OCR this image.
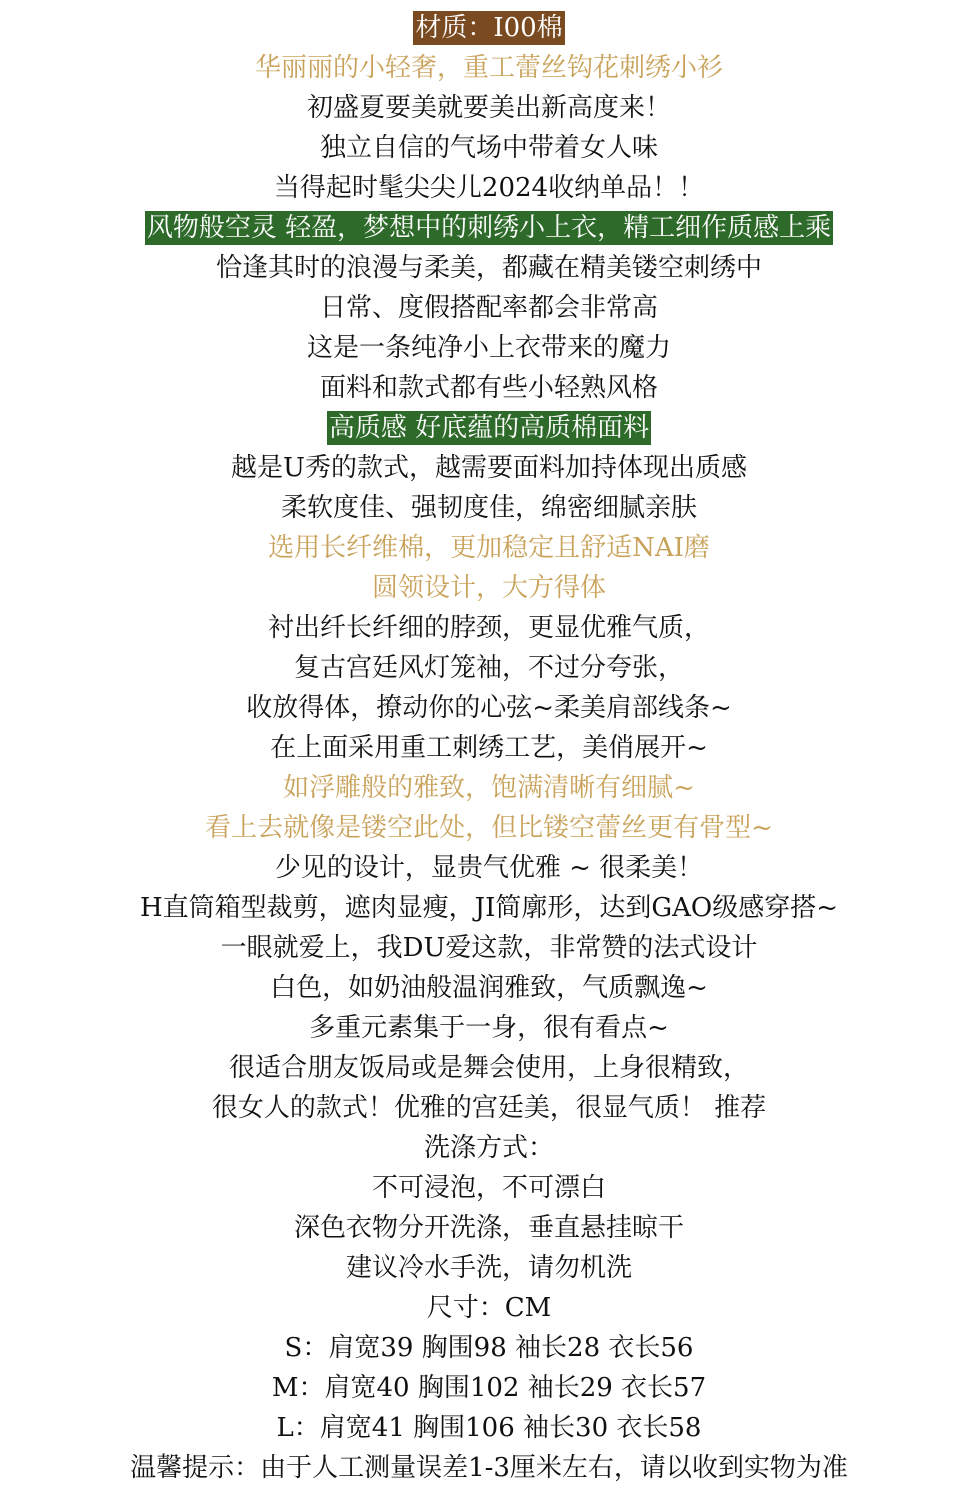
材质：I00棉
华丽丽的小轻奢，重工蕾丝钩花刺绣小衫
初盛夏要美就要美出新高度来！
独立自信的气场中带着女人味
当得起时髦尖尖儿2024收纳单品！！
风物般空灵 轻盈，梦想中的刺绣小上衣，精工细作质感上乘
恰逢其时的浪漫与柔美，都藏在精美镂空刺绣中
日常、度假搭配率都会非常高
这是一条纯净小上衣带来的魔力
面料和款式都有些小轻熟风格
高质感 好底蕴的高质棉面料
越是U秀的款式，越需要面料加持体现出质感
柔软度佳、强韧度佳，绵密细腻亲肤
选用长纤维棉，更加稳定且舒适NAI磨
圆领设计，大方得体
衬出纤长纤细的脖颈，更显优雅气质，
复古宫廷风灯笼袖，不过分夸张，
收放得体，撩动你的心弦~柔美肩部线条~
在上面采用重工刺绣工艺，美俏展开~
如浮雕般的雅致，饱满清晰有细腻~
看上去就像是镂空此处，但比镂空蕾丝更有骨型~
少见的设计，显贵气优雅 ~ 很柔美！
H直筒箱型裁剪，遮肉显瘦，JI简廓形，达到GAO级感穿搭~
一眼就爱上，我DU爱这款，非常赞的法式设计
白色，如奶油般温润雅致，气质飘逸~
多重元素集于一身，很有看点~
很适合朋友饭局或是舞会使用，上身很精致，
很女人的款式！优雅的宫廷美，很显气质！ 推荐
洗涤方式：
不可浸泡，不可漂白
深色衣物分开洗涤，垂直悬挂晾干
建议冷水手洗，请勿机洗
尺寸：CM
S：肩宽39 胸围98 袖长28 衣长56
M：肩宽40 胸围102 袖长29 衣长57
L：肩宽41 胸围106 袖长30 衣长58
温馨提示：由于人工测量误差1-3厘米左右，请以收到实物为准
